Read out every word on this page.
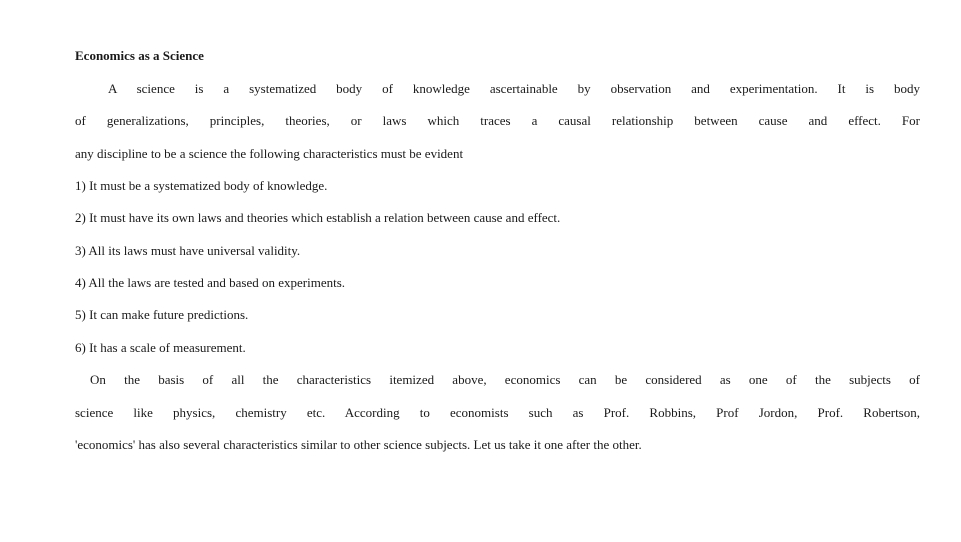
Economics as a Science
A science is a systematized body of knowledge ascertainable by observation and experimentation. It is body
of generalizations, principles, theories, or laws which traces a causal relationship between cause and effect. For
any discipline to be a science the following characteristics must be evident
1) It must be a systematized body of knowledge.
2) It must have its own laws and theories which establish a relation between cause and effect.
3) All its laws must have universal validity.
4) All the laws are tested and based on experiments.
5) It can make future predictions.
6) It has a scale of measurement.
On the basis of all the characteristics itemized above, economics can be considered as one of the subjects of
science like physics, chemistry etc. According to economists such as Prof. Robbins, Prof Jordon, Prof. Robertson,
'economics' has also several characteristics similar to other science subjects. Let us take it one after the other.
